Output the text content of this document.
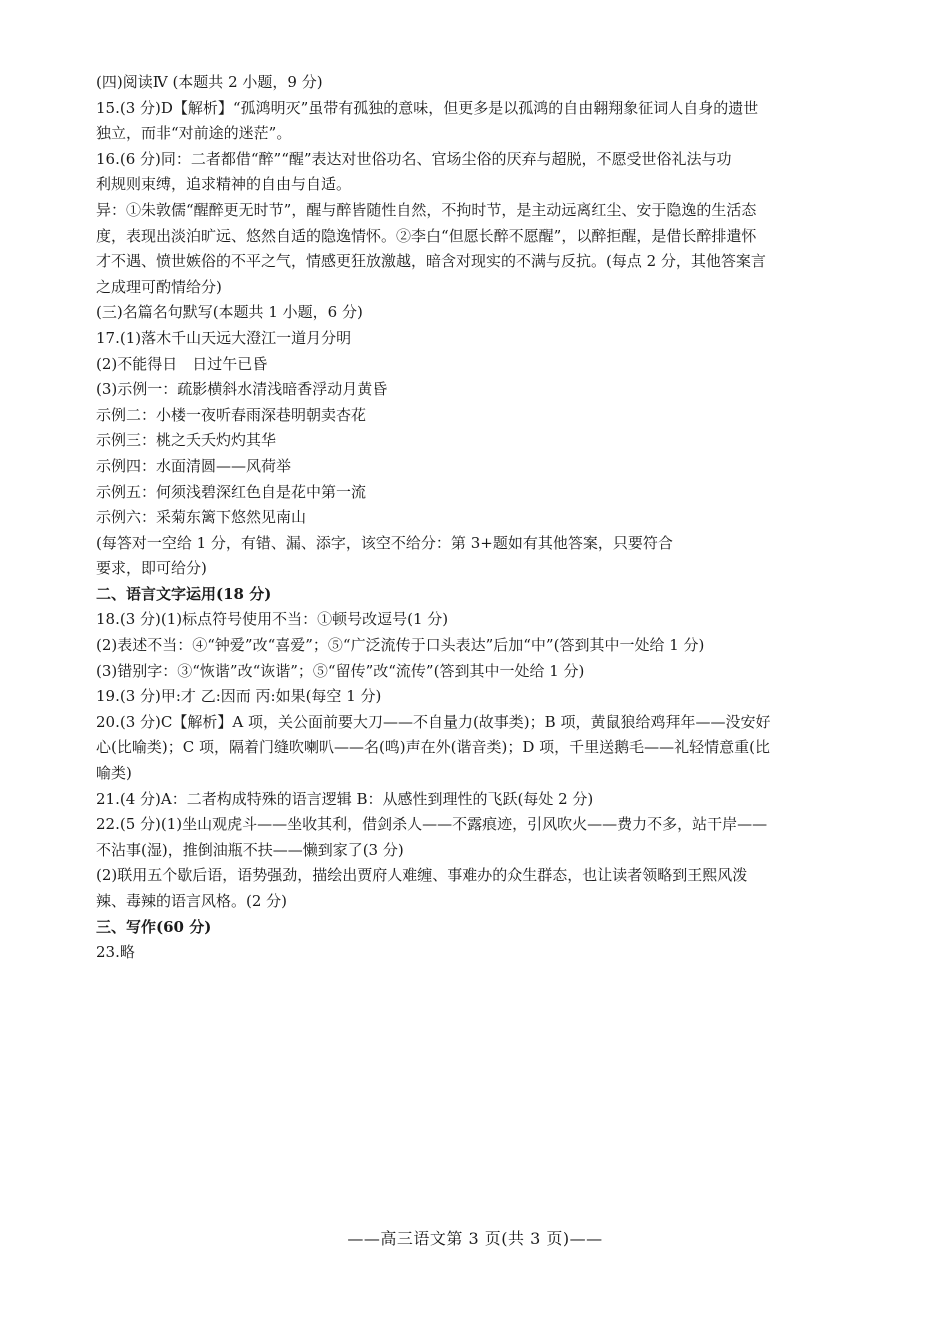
(四)阅读Ⅳ (本题共 2 小题，9 分)
15.(3 分)D【解析】“孤鸿明灭”虽带有孤独的意味，但更多是以孤鸿的自由翱翔象征词人自身的遗世
独立，而非“对前途的迷茫”。
16.(6 分)同：二者都借“醉”“醒”表达对世俗功名、官场尘俗的厌弃与超脱，不愿受世俗礼法与功
利规则束缚，追求精神的自由与自适。
异：①朱敦儒“醒醉更无时节”，醒与醉皆随性自然，不拘时节，是主动远离红尘、安于隐逸的生活态
度，表现出淡泊旷远、悠然自适的隐逸情怀。②李白“但愿长醉不愿醒”，以醉拒醒，是借长醉排遣怀
才不遇、愤世嫉俗的不平之气，情感更狂放激越，暗含对现实的不满与反抗。(每点 2 分，其他答案言
之成理可酌情给分)
(三)名篇名句默写(本题共 1 小题，6 分)
17.(1)落木千山天远大澄江一道月分明
(2)不能得日　日过午已昏
(3)示例一：疏影横斜水清浅暗香浮动月黄昏
示例二：小楼一夜听春雨深巷明朝卖杏花
示例三：桃之夭夭灼灼其华
示例四：水面清圆——风荷举
示例五：何须浅碧深红色自是花中第一流
示例六：采菊东篱下悠然见南山
(每答对一空给 1 分，有错、漏、添字，该空不给分：第 3+题如有其他答案，只要符合
要求，即可给分)
二、语言文字运用(18 分)
18.(3 分)(1)标点符号使用不当：①顿号改逗号(1 分)
(2)表述不当：④“钟爱”改“喜爱”；⑤“广泛流传于口头表达”后加“中”(答到其中一处给 1 分)
(3)错别字：③“恢谐”改“诙谐”；⑤“留传”改“流传”(答到其中一处给 1 分)
19.(3 分)甲:才 乙:因而 丙:如果(每空 1 分)
20.(3 分)C【解析】A 项，关公面前要大刀——不自量力(故事类)；B 项，黄鼠狼给鸡拜年——没安好
心(比喻类)；C 项，隔着门缝吹喇叭——名(鸣)声在外(谐音类)；D 项，千里送鹅毛——礼轻情意重(比
喻类)
21.(4 分)A：二者构成特殊的语言逻辑 B：从感性到理性的飞跃(每处 2 分)
22.(5 分)(1)坐山观虎斗——坐收其利，借剑杀人——不露痕迹，引风吹火——费力不多，站干岸——
不沾事(湿)，推倒油瓶不扶——懒到家了(3 分)
(2)联用五个歇后语，语势强劲，描绘出贾府人难缠、事难办的众生群态，也让读者领略到王熙风泼
辣、毒辣的语言风格。(2 分)
三、写作(60 分)
23.略
——高三语文第 3 页(共 3 页)——
